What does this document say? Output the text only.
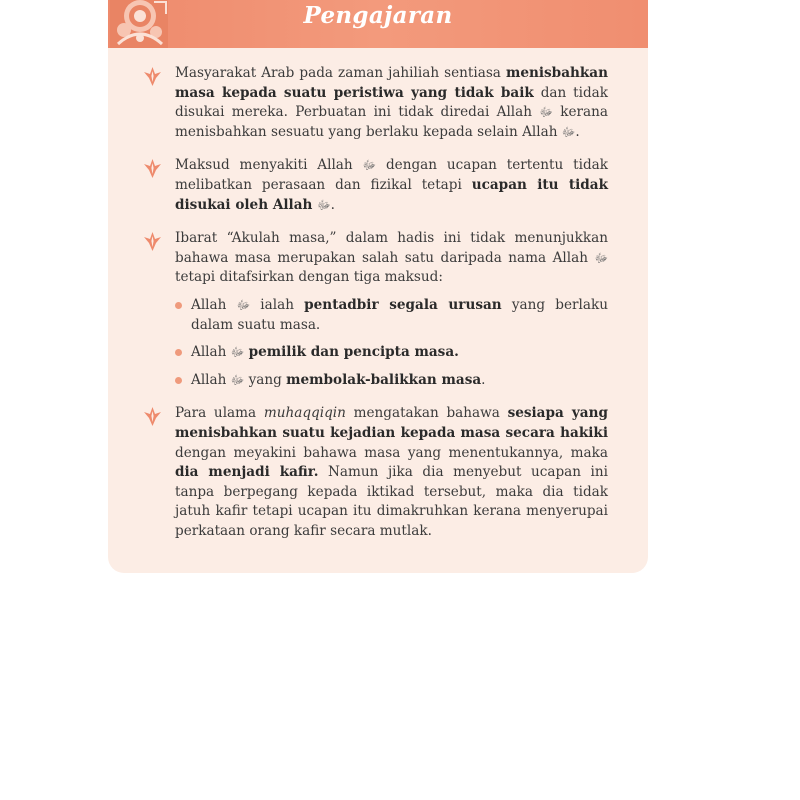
Pengajaran
Masyarakat Arab pada zaman jahiliah sentiasa menisbahkan masa kepada suatu peristiwa yang tidak baik dan tidak disukai mereka. Perbuatan ini tidak diredai Allah ﷻ kerana menisbahkan sesuatu yang berlaku kepada selain Allah ﷻ.
Maksud menyakiti Allah ﷻ dengan ucapan tertentu tidak melibatkan perasaan dan fizikal tetapi ucapan itu tidak disukai oleh Allah ﷻ.
Ibarat “Akulah masa,” dalam hadis ini tidak menunjukkan bahawa masa merupakan salah satu daripada nama Allah ﷻ tetapi ditafsirkan dengan tiga maksud:
Allah ﷻ ialah pentadbir segala urusan yang berlaku dalam suatu masa.
Allah ﷻ pemilik dan pencipta masa.
Allah ﷻ yang membolak-balikkan masa.
Para ulama muhaqqiqin mengatakan bahawa sesiapa yang menisbahkan suatu kejadian kepada masa secara hakiki dengan meyakini bahawa masa yang menentukannya, maka dia menjadi kafir. Namun jika dia menyebut ucapan ini tanpa berpegang kepada iktikad tersebut, maka dia tidak jatuh kafir tetapi ucapan itu dimakruhkan kerana menyerupai perkataan orang kafir secara mutlak.
